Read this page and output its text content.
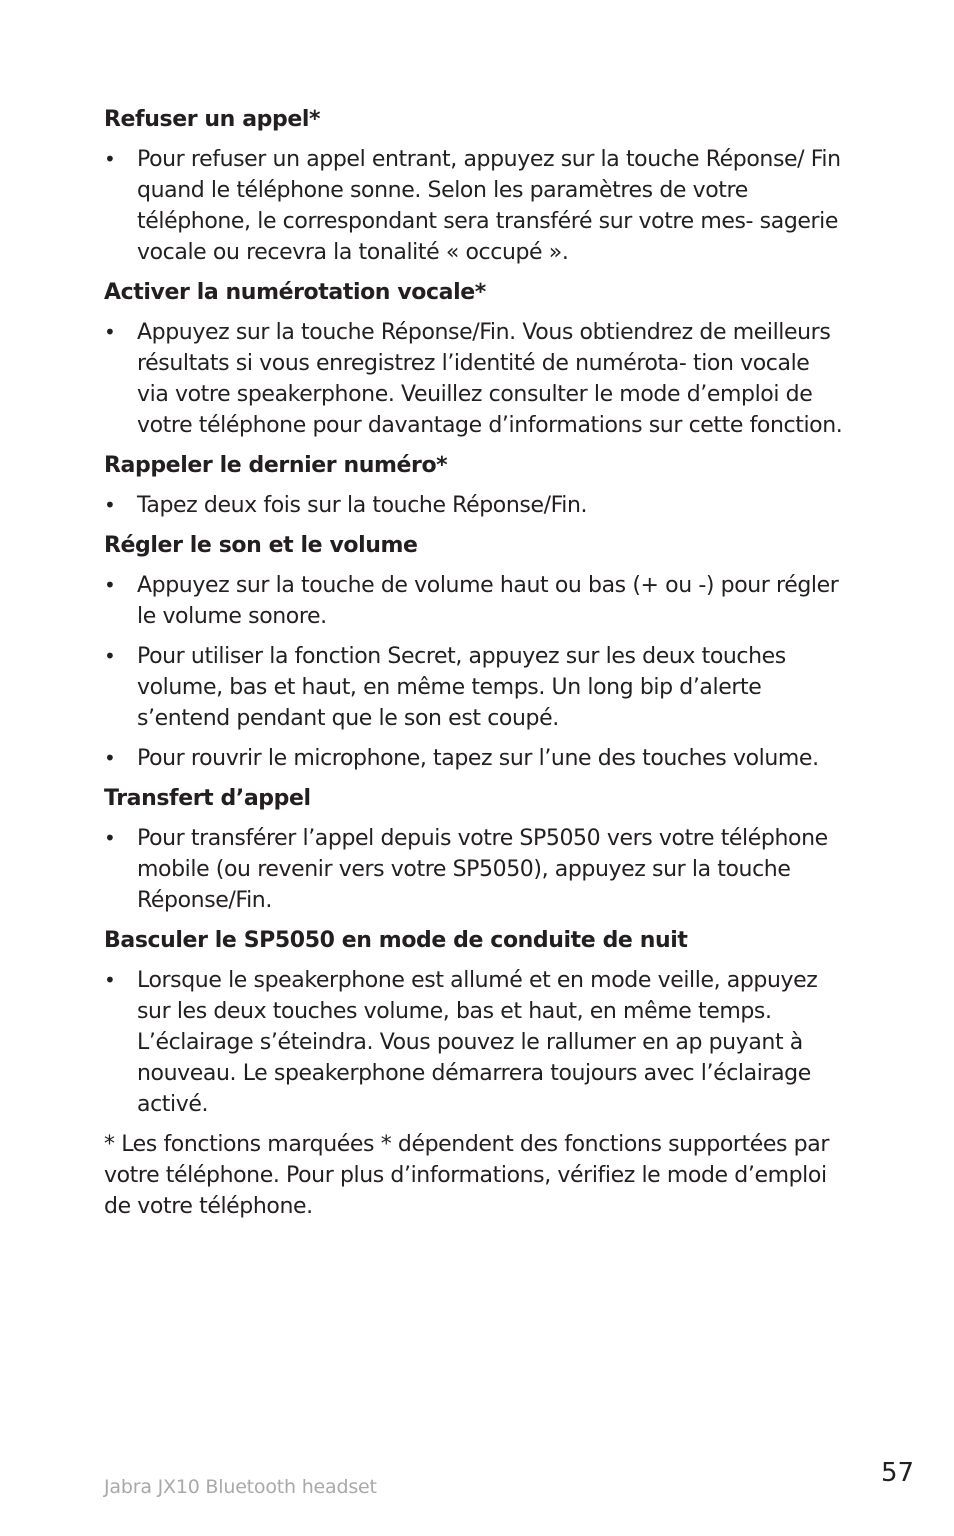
Refuser un appel*
• Pour refuser un appel entrant, appuyez sur la touche Réponse/ Fin quand le téléphone sonne. Selon les paramètres de votre téléphone, le correspondant sera transféré sur votre mes- sagerie vocale ou recevra la tonalité « occupé ».
Activer la numérotation vocale*
• Appuyez sur la touche Réponse/Fin. Vous obtiendrez de meilleurs résultats si vous enregistrez l’identité de numérota- tion vocale via votre speakerphone. Veuillez consulter le mode d’emploi de votre téléphone pour davantage d’informations sur cette fonction.
Rappeler le dernier numéro*
• Tapez deux fois sur la touche Réponse/Fin.
Régler le son et le volume
• Appuyez sur la touche de volume haut ou bas (+ ou -) pour régler le volume sonore.
• Pour utiliser la fonction Secret, appuyez sur les deux touches volume, bas et haut, en même temps. Un long bip d’alerte s’entend pendant que le son est coupé.
• Pour rouvrir le microphone, tapez sur l’une des touches volume.
Transfert d’appel
• Pour transférer l’appel depuis votre SP5050 vers votre téléphone mobile (ou revenir vers votre SP5050), appuyez sur la touche Réponse/Fin.
Basculer le SP5050 en mode de conduite de nuit
• Lorsque le speakerphone est allumé et en mode veille, appuyez sur les deux touches volume, bas et haut, en même temps. L’éclairage s’éteindra. Vous pouvez le rallumer en ap puyant à nouveau. Le speakerphone démarrera toujours avec l’éclairage activé.

* Les fonctions marquées * dépendent des fonctions supportées par votre téléphone. Pour plus d’informations, vérifiez le mode d’emploi de votre téléphone.

Jabra JX10 Bluetooth headset	57
